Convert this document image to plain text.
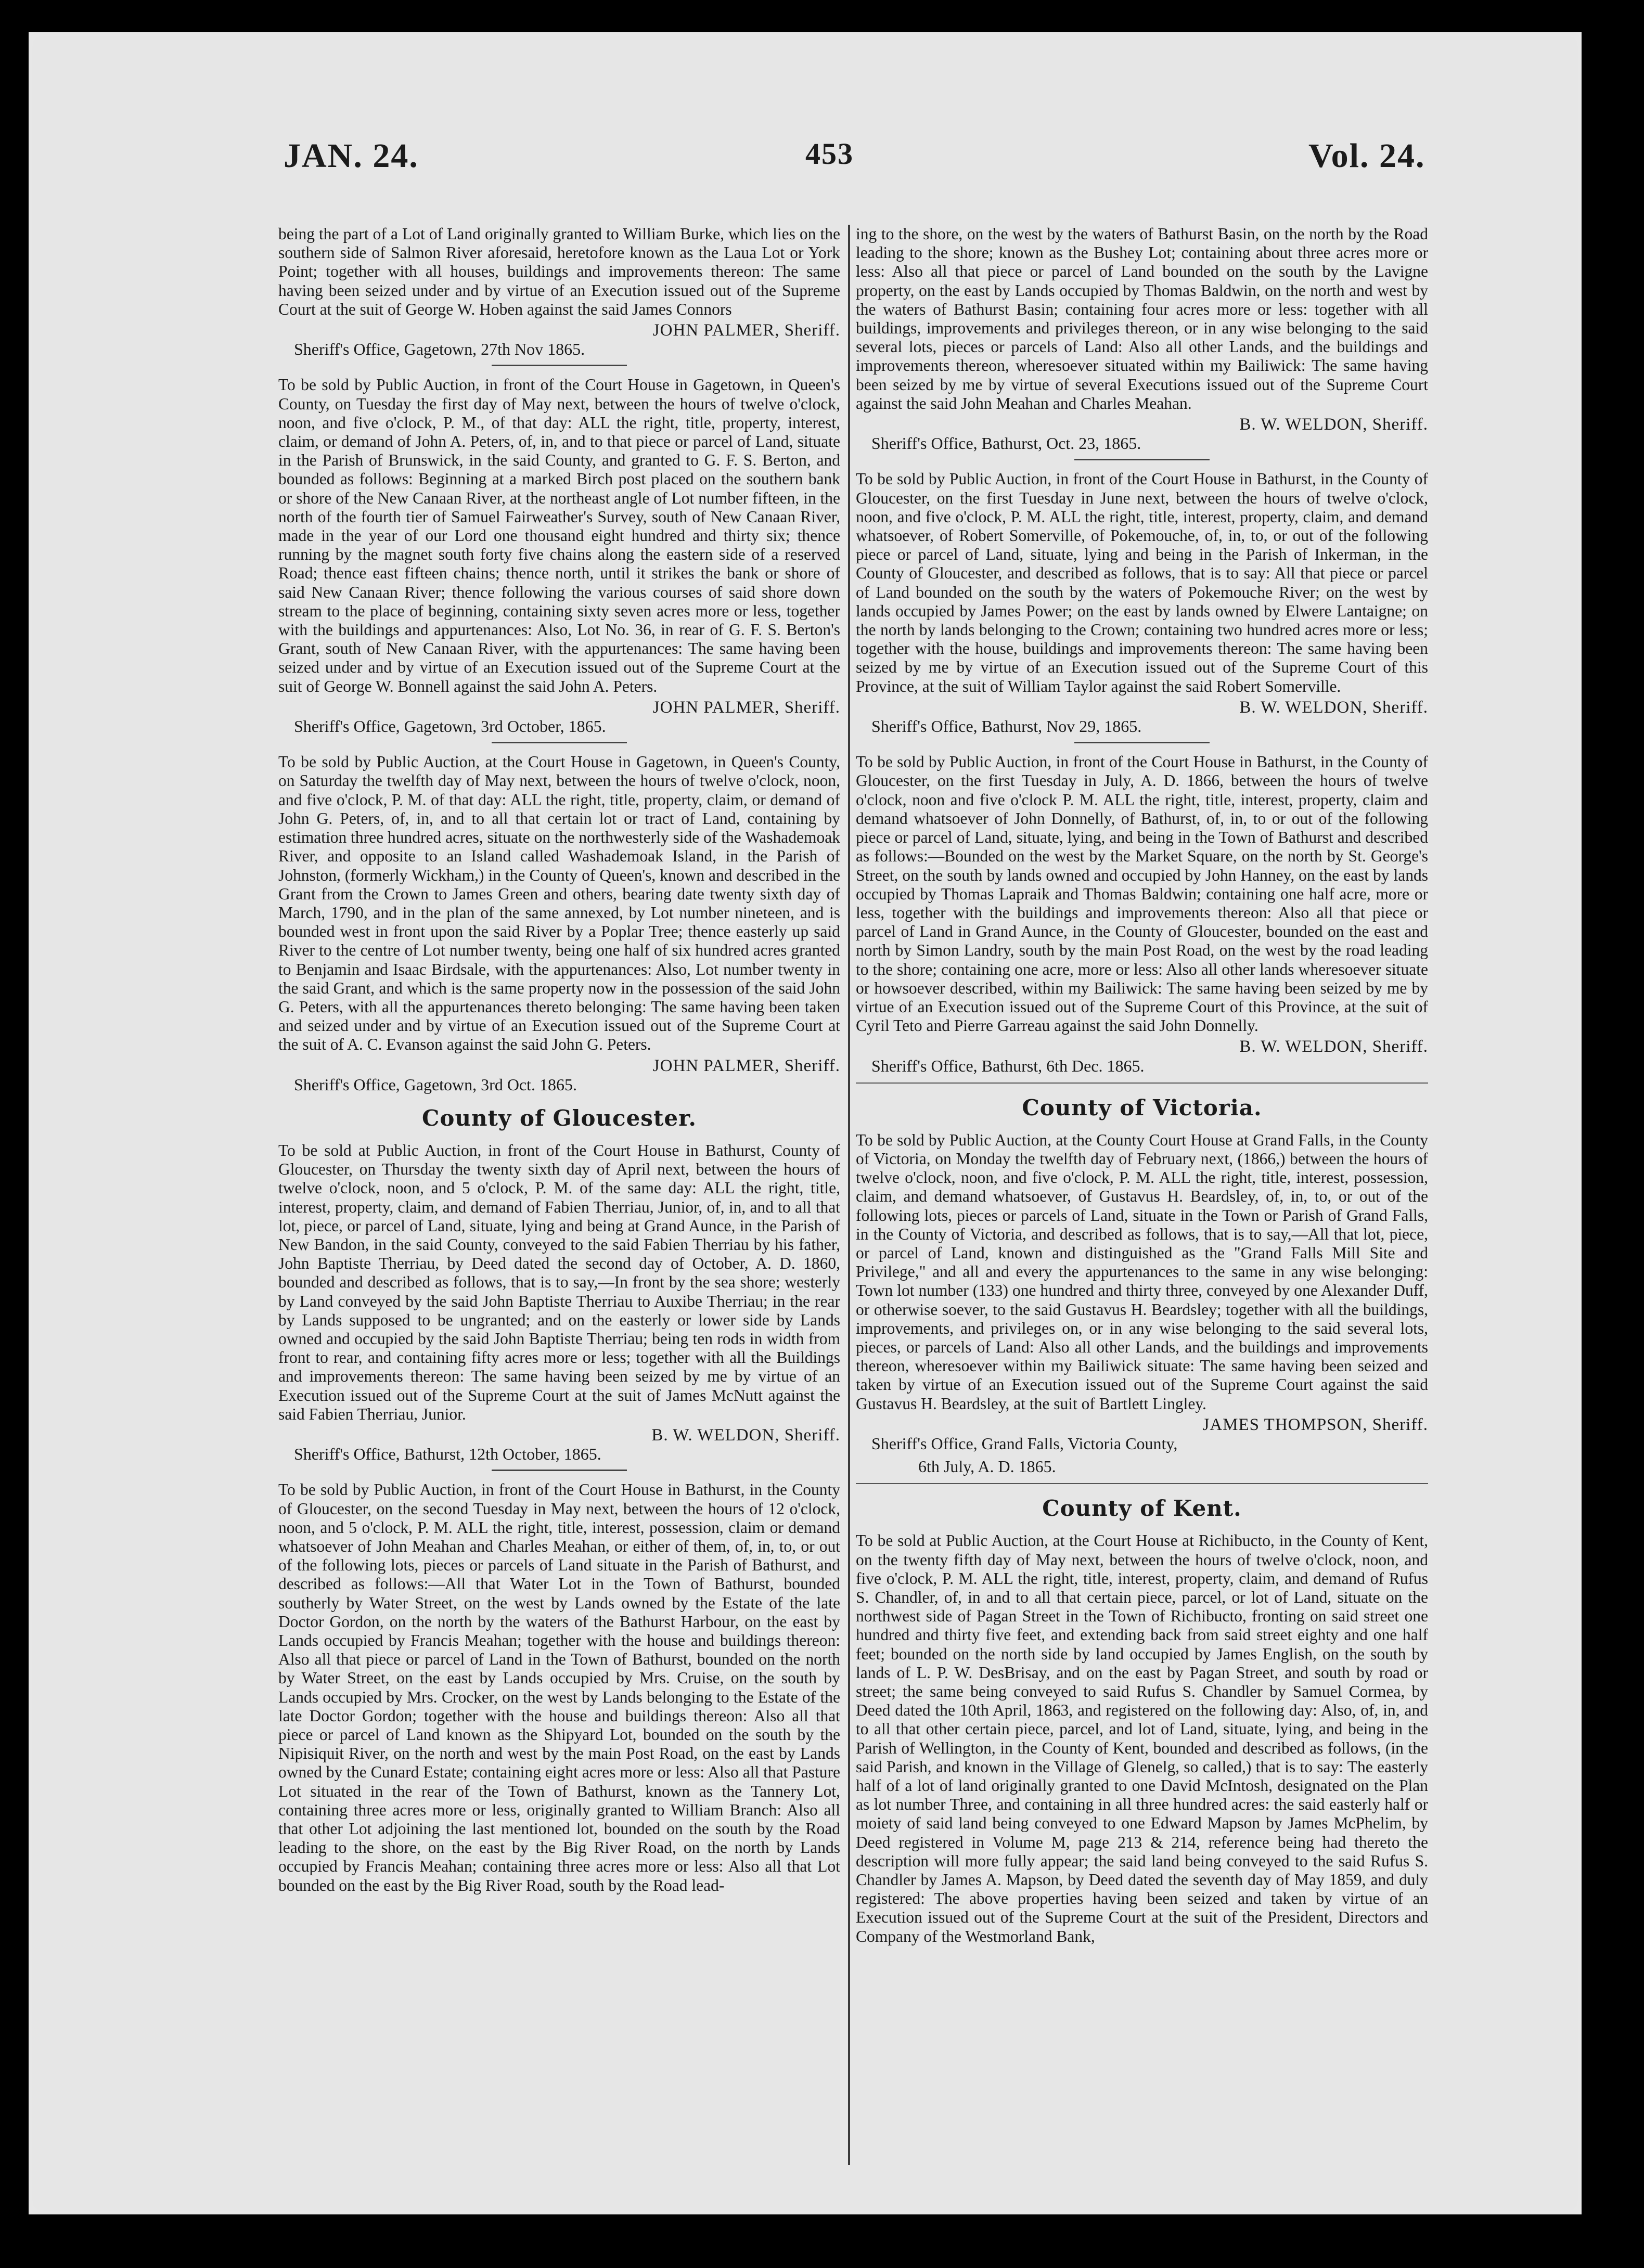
JAN. 24.	453	Vol. 24.

being the part of a Lot of Land originally granted to William Burke, which lies on the southern side of Salmon River aforesaid, heretofore known as the Laua Lot or York Point; together with all houses, buildings and improvements thereon: The same having been seized under and by virtue of an Execution issued out of the Supreme Court at the suit of George W. Hoben against the said James Connors

JOHN PALMER, Sheriff.
Sheriff's Office, Gagetown, 27th Nov 1865.

To be sold by Public Auction, in front of the Court House in Gagetown, in Queen's County, on Tuesday the first day of May next, between the hours of twelve o'clock, noon, and five o'clock, P. M., of that day: ALL the right, title, property, interest, claim, or demand of John A. Peters, of, in, and to that piece or parcel of Land, situate in the Parish of Brunswick, in the said County, and granted to G. F. S. Berton, and bounded as follows: Beginning at a marked Birch post placed on the southern bank or shore of the New Canaan River, at the northeast angle of Lot number fifteen, in the north of the fourth tier of Samuel Fairweather's Survey, south of New Canaan River, made in the year of our Lord one thousand eight hundred and thirty six; thence running by the magnet south forty five chains along the eastern side of a reserved Road; thence east fifteen chains; thence north, until it strikes the bank or shore of said New Canaan River; thence following the various courses of said shore down stream to the place of beginning, containing sixty seven acres more or less, together with the buildings and appurtenances: Also, Lot No. 36, in rear of G. F. S. Berton's Grant, south of New Canaan River, with the appurtenances: The same having been seized under and by virtue of an Execution issued out of the Supreme Court at the suit of George W. Bonnell against the said John A. Peters.

JOHN PALMER, Sheriff.
Sheriff's Office, Gagetown, 3rd October, 1865.

To be sold by Public Auction, at the Court House in Gagetown, in Queen's County, on Saturday the twelfth day of May next, between the hours of twelve o'clock, noon, and five o'clock, P. M. of that day: ALL the right, title, property, claim, or demand of John G. Peters, of, in, and to all that certain lot or tract of Land, containing by estimation three hundred acres, situate on the northwesterly side of the Washademoak River, and opposite to an Island called Washademoak Island, in the Parish of Johnston, (formerly Wickham,) in the County of Queen's, known and described in the Grant from the Crown to James Green and others, bearing date twenty sixth day of March, 1790, and in the plan of the same annexed, by Lot number nineteen, and is bounded west in front upon the said River by a Poplar Tree; thence easterly up said River to the centre of Lot number twenty, being one half of six hundred acres granted to Benjamin and Isaac Birdsale, with the appurtenances: Also, Lot number twenty in the said Grant, and which is the same property now in the possession of the said John G. Peters, with all the appurtenances thereto belonging: The same having been taken and seized under and by virtue of an Execution issued out of the Supreme Court at the suit of A. C. Evanson against the said John G. Peters.

JOHN PALMER, Sheriff.
Sheriff's Office, Gagetown, 3rd Oct. 1865.
County of Gloucester.

To be sold at Public Auction, in front of the Court House in Bathurst, County of Gloucester, on Thursday the twenty sixth day of April next, between the hours of twelve o'clock, noon, and 5 o'clock, P. M. of the same day: ALL the right, title, interest, property, claim, and demand of Fabien Therriau, Junior, of, in, and to all that lot, piece, or parcel of Land, situate, lying and being at Grand Aunce, in the Parish of New Bandon, in the said County, conveyed to the said Fabien Therriau by his father, John Baptiste Therriau, by Deed dated the second day of October, A. D. 1860, bounded and described as follows, that is to say,—In front by the sea shore; westerly by Land conveyed by the said John Baptiste Therriau to Auxibe Therriau; in the rear by Lands supposed to be ungranted; and on the easterly or lower side by Lands owned and occupied by the said John Baptiste Therriau; being ten rods in width from front to rear, and containing fifty acres more or less; together with all the Buildings and improvements thereon: The same having been seized by me by virtue of an Execution issued out of the Supreme Court at the suit of James McNutt against the said Fabien Therriau, Junior.

B. W. WELDON, Sheriff.
Sheriff's Office, Bathurst, 12th October, 1865.

To be sold by Public Auction, in front of the Court House in Bathurst, in the County of Gloucester, on the second Tuesday in May next, between the hours of 12 o'clock, noon, and 5 o'clock, P. M. ALL the right, title, interest, possession, claim or demand whatsoever of John Meahan and Charles Meahan, or either of them, of, in, to, or out of the following lots, pieces or parcels of Land situate in the Parish of Bathurst, and described as follows:—All that Water Lot in the Town of Bathurst, bounded southerly by Water Street, on the west by Lands owned by the Estate of the late Doctor Gordon, on the north by the waters of the Bathurst Harbour, on the east by Lands occupied by Francis Meahan; together with the house and buildings thereon: Also all that piece or parcel of Land in the Town of Bathurst, bounded on the north by Water Street, on the east by Lands occupied by Mrs. Cruise, on the south by Lands occupied by Mrs. Crocker, on the west by Lands belonging to the Estate of the late Doctor Gordon; together with the house and buildings thereon: Also all that piece or parcel of Land known as the Shipyard Lot, bounded on the south by the Nipisiquit River, on the north and west by the main Post Road, on the east by Lands owned by the Cunard Estate; containing eight acres more or less: Also all that Pasture Lot situated in the rear of the Town of Bathurst, known as the Tannery Lot, containing three acres more or less, originally granted to William Branch: Also all that other Lot adjoining the last mentioned lot, bounded on the south by the Road leading to the shore, on the east by the Big River Road, on the north by Lands occupied by Francis Meahan; containing three acres more or less: Also all that Lot bounded on the east by the Big River Road, south by the Road lead-

ing to the shore, on the west by the waters of Bathurst Basin, on the north by the Road leading to the shore; known as the Bushey Lot; containing about three acres more or less: Also all that piece or parcel of Land bounded on the south by the Lavigne property, on the east by Lands occupied by Thomas Baldwin, on the north and west by the waters of Bathurst Basin; containing four acres more or less: together with all buildings, improvements and privileges thereon, or in any wise belonging to the said several lots, pieces or parcels of Land: Also all other Lands, and the buildings and improvements thereon, wheresoever situated within my Bailiwick: The same having been seized by me by virtue of several Executions issued out of the Supreme Court against the said John Meahan and Charles Meahan.

B. W. WELDON, Sheriff.
Sheriff's Office, Bathurst, Oct. 23, 1865.

To be sold by Public Auction, in front of the Court House in Bathurst, in the County of Gloucester, on the first Tuesday in June next, between the hours of twelve o'clock, noon, and five o'clock, P. M. ALL the right, title, interest, property, claim, and demand whatsoever, of Robert Somerville, of Pokemouche, of, in, to, or out of the following piece or parcel of Land, situate, lying and being in the Parish of Inkerman, in the County of Gloucester, and described as follows, that is to say: All that piece or parcel of Land bounded on the south by the waters of Pokemouche River; on the west by lands occupied by James Power; on the east by lands owned by Elwere Lantaigne; on the north by lands belonging to the Crown; containing two hundred acres more or less; together with the house, buildings and improvements thereon: The same having been seized by me by virtue of an Execution issued out of the Supreme Court of this Province, at the suit of William Taylor against the said Robert Somerville.

B. W. WELDON, Sheriff.
Sheriff's Office, Bathurst, Nov 29, 1865.

To be sold by Public Auction, in front of the Court House in Bathurst, in the County of Gloucester, on the first Tuesday in July, A. D. 1866, between the hours of twelve o'clock, noon and five o'clock P. M. ALL the right, title, interest, property, claim and demand whatsoever of John Donnelly, of Bathurst, of, in, to or out of the following piece or parcel of Land, situate, lying, and being in the Town of Bathurst and described as follows:—Bounded on the west by the Market Square, on the north by St. George's Street, on the south by lands owned and occupied by John Hanney, on the east by lands occupied by Thomas Lapraik and Thomas Baldwin; containing one half acre, more or less, together with the buildings and improvements thereon: Also all that piece or parcel of Land in Grand Aunce, in the County of Gloucester, bounded on the east and north by Simon Landry, south by the main Post Road, on the west by the road leading to the shore; containing one acre, more or less: Also all other lands wheresoever situate or howsoever described, within my Bailiwick: The same having been seized by me by virtue of an Execution issued out of the Supreme Court of this Province, at the suit of Cyril Teto and Pierre Garreau against the said John Donnelly.

B. W. WELDON, Sheriff.
Sheriff's Office, Bathurst, 6th Dec. 1865.
County of Victoria.

To be sold by Public Auction, at the County Court House at Grand Falls, in the County of Victoria, on Monday the twelfth day of February next, (1866,) between the hours of twelve o'clock, noon, and five o'clock, P. M. ALL the right, title, interest, possession, claim, and demand whatsoever, of Gustavus H. Beardsley, of, in, to, or out of the following lots, pieces or parcels of Land, situate in the Town or Parish of Grand Falls, in the County of Victoria, and described as follows, that is to say,—All that lot, piece, or parcel of Land, known and distinguished as the "Grand Falls Mill Site and Privilege," and all and every the appurtenances to the same in any wise belonging: Town lot number (133) one hundred and thirty three, conveyed by one Alexander Duff, or otherwise soever, to the said Gustavus H. Beardsley; together with all the buildings, improvements, and privileges on, or in any wise belonging to the said several lots, pieces, or parcels of Land: Also all other Lands, and the buildings and improvements thereon, wheresoever within my Bailiwick situate: The same having been seized and taken by virtue of an Execution issued out of the Supreme Court against the said Gustavus H. Beardsley, at the suit of Bartlett Lingley.

JAMES THOMPSON, Sheriff.
Sheriff's Office, Grand Falls, Victoria County,
6th July, A. D. 1865.
County of Kent.

To be sold at Public Auction, at the Court House at Richibucto, in the County of Kent, on the twenty fifth day of May next, between the hours of twelve o'clock, noon, and five o'clock, P. M. ALL the right, title, interest, property, claim, and demand of Rufus S. Chandler, of, in and to all that certain piece, parcel, or lot of Land, situate on the northwest side of Pagan Street in the Town of Richibucto, fronting on said street one hundred and thirty five feet, and extending back from said street eighty and one half feet; bounded on the north side by land occupied by James English, on the south by lands of L. P. W. DesBrisay, and on the east by Pagan Street, and south by road or street; the same being conveyed to said Rufus S. Chandler by Samuel Cormea, by Deed dated the 10th April, 1863, and registered on the following day: Also, of, in, and to all that other certain piece, parcel, and lot of Land, situate, lying, and being in the Parish of Wellington, in the County of Kent, bounded and described as follows, (in the said Parish, and known in the Village of Glenelg, so called,) that is to say: The easterly half of a lot of land originally granted to one David McIntosh, designated on the Plan as lot number Three, and containing in all three hundred acres: the said easterly half or moiety of said land being conveyed to one Edward Mapson by James McPhelim, by Deed registered in Volume M, page 213 & 214, reference being had thereto the description will more fully appear; the said land being conveyed to the said Rufus S. Chandler by James A. Mapson, by Deed dated the seventh day of May 1859, and duly registered: The above properties having been seized and taken by virtue of an Execution issued out of the Supreme Court at the suit of the President, Directors and Company of the Westmorland Bank,
